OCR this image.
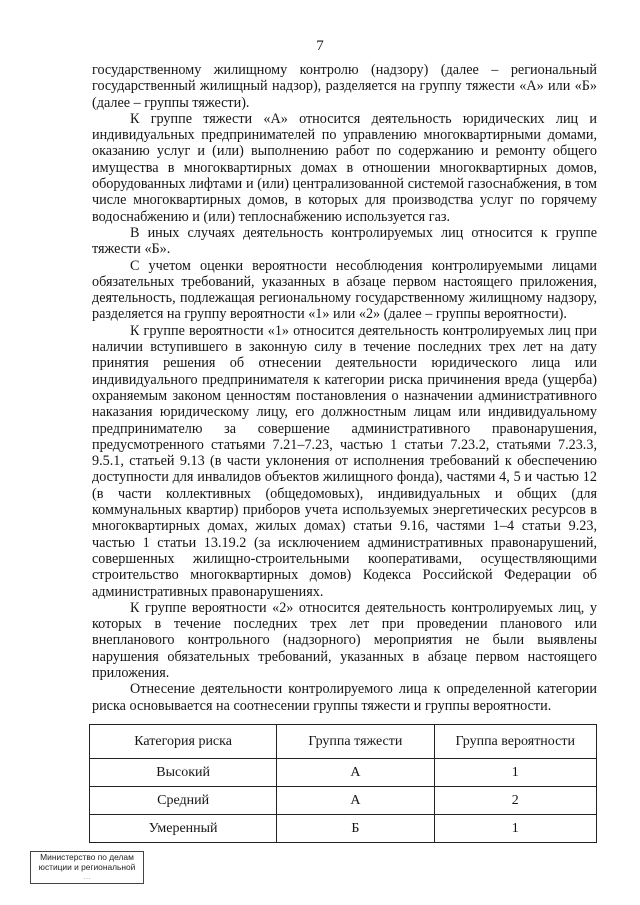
7

государственному жилищному контролю (надзору) (далее – региональный государственный жилищный надзор), разделяется на группу тяжести «А» или «Б» (далее – группы тяжести).

К группе тяжести «А» относится деятельность юридических лиц и индивидуальных предпринимателей по управлению многоквартирными домами, оказанию услуг и (или) выполнению работ по содержанию и ремонту общего имущества в многоквартирных домах в отношении многоквартирных домов, оборудованных лифтами и (или) централизованной системой газоснабжения, в том числе многоквартирных домов, в которых для производства услуг по горячему водоснабжению и (или) теплоснабжению используется газ.

В иных случаях деятельность контролируемых лиц относится к группе тяжести «Б».

С учетом оценки вероятности несоблюдения контролируемыми лицами обязательных требований, указанных в абзаце первом настоящего приложения, деятельность, подлежащая региональному государственному жилищному надзору, разделяется на группу вероятности «1» или «2» (далее – группы вероятности).

К группе вероятности «1» относится деятельность контролируемых лиц при наличии вступившего в законную силу в течение последних трех лет на дату принятия решения об отнесении деятельности юридического лица или индивидуального предпринимателя к категории риска причинения вреда (ущерба) охраняемым законом ценностям постановления о назначении административного наказания юридическому лицу, его должностным лицам или индивидуальному предпринимателю за совершение административного правонарушения, предусмотренного статьями 7.21–7.23, частью 1 статьи 7.23.2, статьями 7.23.3, 9.5.1, статьей 9.13 (в части уклонения от исполнения требований к обеспечению доступности для инвалидов объектов жилищного фонда), частями 4, 5 и частью 12 (в части коллективных (общедомовых), индивидуальных и общих (для коммунальных квартир) приборов учета используемых энергетических ресурсов в многоквартирных домах, жилых домах) статьи 9.16, частями 1–4 статьи 9.23, частью 1 статьи 13.19.2 (за исключением административных правонарушений, совершенных жилищно-строительными кооперативами, осуществляющими строительство многоквартирных домов) Кодекса Российской Федерации об административных правонарушениях.

К группе вероятности «2» относится деятельность контролируемых лиц, у которых в течение последних трех лет при проведении планового или внепланового контрольного (надзорного) мероприятия не были выявлены нарушения обязательных требований, указанных в абзаце первом настоящего приложения.

Отнесение деятельности контролируемого лица к определенной категории риска основывается на соотнесении группы тяжести и группы вероятности.

Категория риска	Группа тяжести	Группа вероятности
Высокий	А	1
Средний	А	2
Умеренный	Б	1
Министерство по делам
юстиции и региональной
...
